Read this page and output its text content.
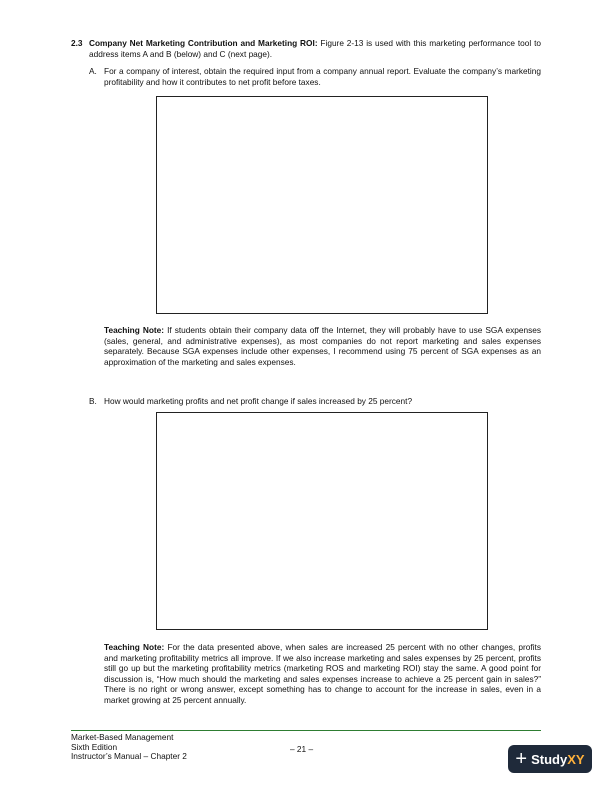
2.3 Company Net Marketing Contribution and Marketing ROI: Figure 2-13 is used with this marketing performance tool to address items A and B (below) and C (next page).
A. For a company of interest, obtain the required input from a company annual report. Evaluate the company’s marketing profitability and how it contributes to net profit before taxes.
Teaching Note: If students obtain their company data off the Internet, they will probably have to use SGA expenses (sales, general, and administrative expenses), as most companies do not report marketing and sales expenses separately. Because SGA expenses include other expenses, I recommend using 75 percent of SGA expenses as an approximation of the marketing and sales expenses.
B. How would marketing profits and net profit change if sales increased by 25 percent?
Teaching Note: For the data presented above, when sales are increased 25 percent with no other changes, profits and marketing profitability metrics all improve. If we also increase marketing and sales expenses by 25 percent, profits still go up but the marketing profitability metrics (marketing ROS and marketing ROI) stay the same. A good point for discussion is, “How much should the marketing and sales expenses increase to achieve a 25 percent gain in sales?” There is no right or wrong answer, except something has to change to account for the increase in sales, even in a market growing at 25 percent annually.
Market-Based Management
Sixth Edition
Instructor’s Manual – Chapter 2
– 21 –	+ Study XY
